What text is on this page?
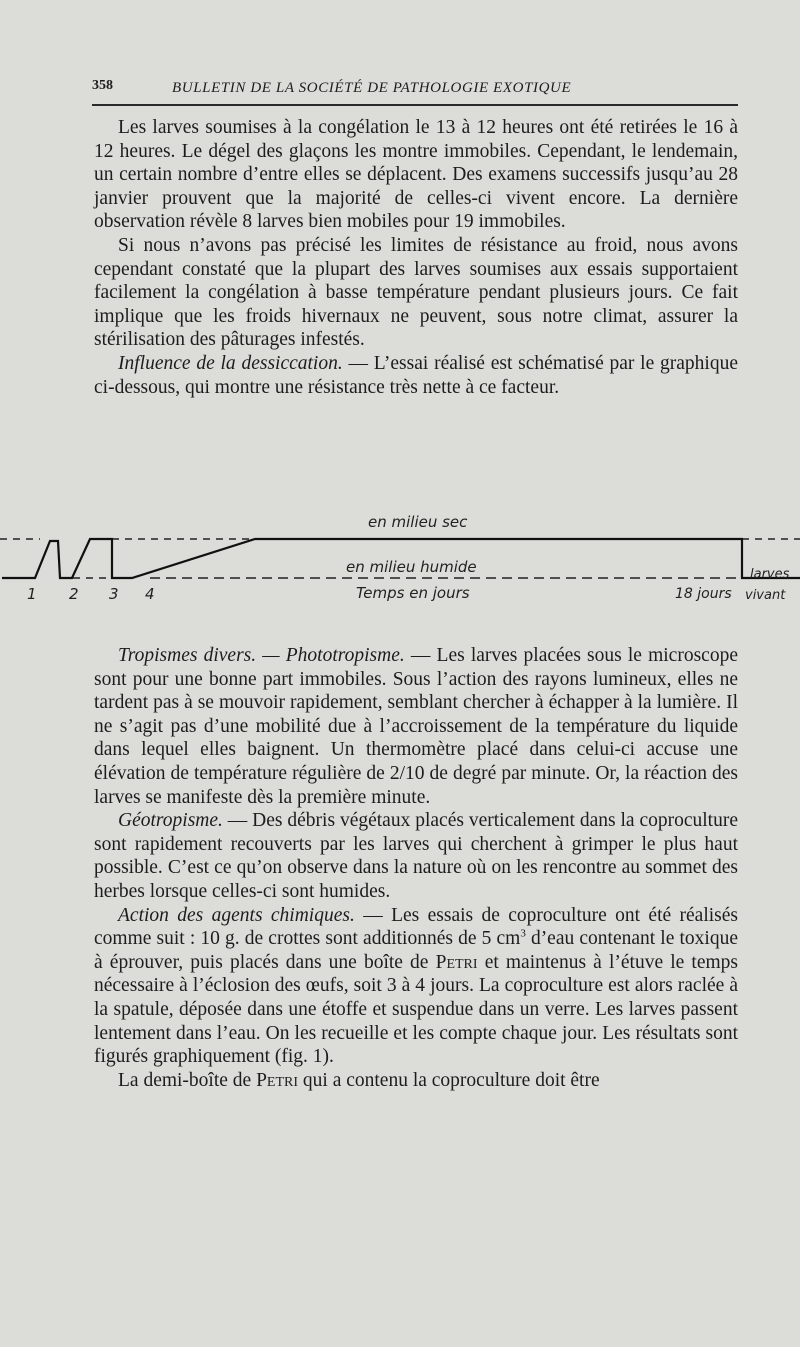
358	BULLETIN DE LA SOCIÉTÉ DE PATHOLOGIE EXOTIQUE

Les larves soumises à la congélation le 13 à 12 heures ont été retirées le 16 à 12 heures. Le dégel des glaçons les montre immobiles. Cependant, le lendemain, un certain nombre d’entre elles se déplacent. Des examens successifs jusqu’au 28 janvier prouvent que la majorité de celles-ci vivent encore. La dernière observation révèle 8 larves bien mobiles pour 19 immobiles.

Si nous n’avons pas précisé les limites de résistance au froid, nous avons cependant constaté que la plupart des larves soumises aux essais supportaient facilement la congélation à basse température pendant plusieurs jours. Ce fait implique que les froids hivernaux ne peuvent, sous notre climat, assurer la stérilisation des pâturages infestés.

Influence de la dessiccation. — L’essai réalisé est schématisé par le graphique ci-dessous, qui montre une résistance très nette à ce facteur.

en milieu sec
en milieu humide	larves
vivant
1 2 3 4	Temps en jours	18 jours

Tropismes divers. — Phototropisme. — Les larves placées sous le microscope sont pour une bonne part immobiles. Sous l’action des rayons lumineux, elles ne tardent pas à se mouvoir rapidement, semblant chercher à échapper à la lumière. Il ne s’agit pas d’une mobilité due à l’accroissement de la température du liquide dans lequel elles baignent. Un thermomètre placé dans celui-ci accuse une élévation de température régulière de 2/10 de degré par minute. Or, la réaction des larves se manifeste dès la première minute.

Géotropisme. — Des débris végétaux placés verticalement dans la coproculture sont rapidement recouverts par les larves qui cherchent à grimper le plus haut possible. C’est ce qu’on observe dans la nature où on les rencontre au sommet des herbes lorsque celles-ci sont humides.

Action des agents chimiques. — Les essais de coproculture ont été réalisés comme suit : 10 g. de crottes sont additionnés de 5 $cm^3$ d’eau contenant le toxique à éprouver, puis placés dans une boîte de Petri et maintenus à l’étuve le temps nécessaire à l’éclosion des œufs, soit 3 à 4 jours. La coproculture est alors raclée à la spatule, déposée dans une étoffe et suspendue dans un verre. Les larves passent lentement dans l’eau. On les recueille et les compte chaque jour. Les résultats sont figurés graphiquement (fig. 1).

La demi-boîte de Petri qui a contenu la coproculture doit être
